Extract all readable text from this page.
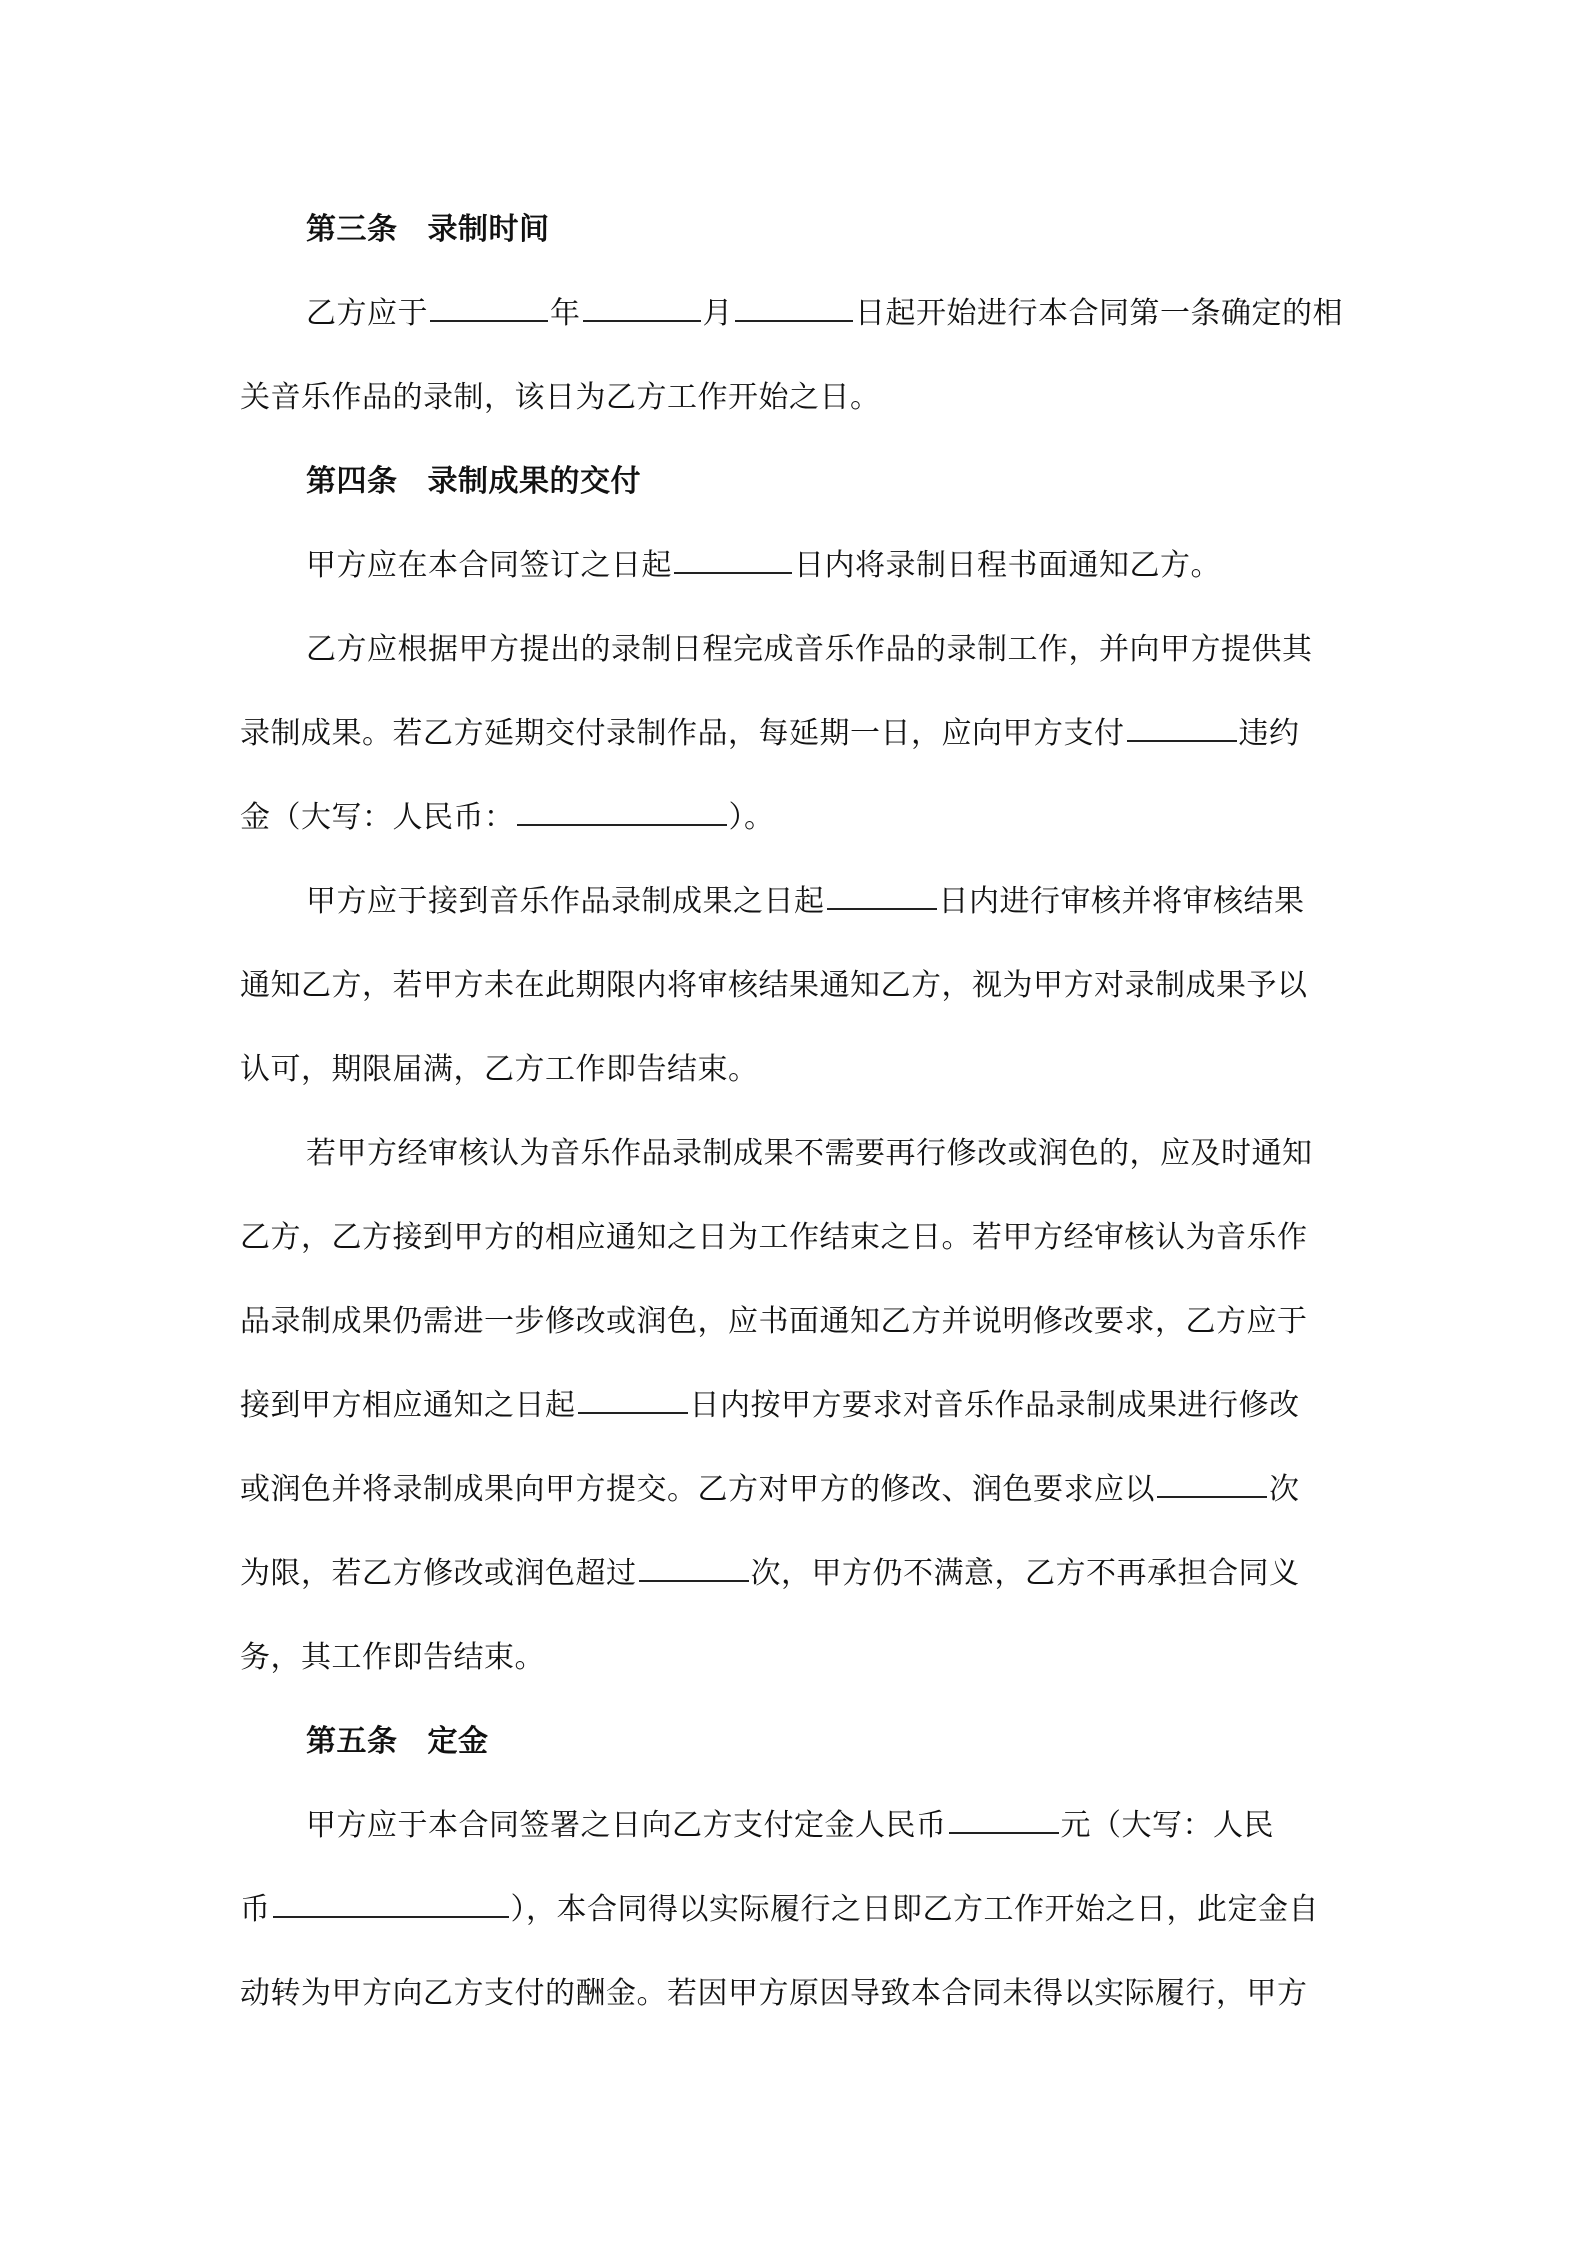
第三条 录制时间
乙方应于	年	月	日起开始进行本合同第一条确定的相
关音乐作品的录制，该日为乙方工作开始之日。
第四条 录制成果的交付
甲方应在本合同签订之日起	日内将录制日程书面通知乙方。
乙方应根据甲方提出的录制日程完成音乐作品的录制工作，并向甲方提供其
录制成果。若乙方延期交付录制作品，每延期一日，应向甲方支付	违约
金（大写：人民币：	）。
甲方应于接到音乐作品录制成果之日起	日内进行审核并将审核结果
通知乙方，若甲方未在此期限内将审核结果通知乙方，视为甲方对录制成果予以
认可，期限届满，乙方工作即告结束。
若甲方经审核认为音乐作品录制成果不需要再行修改或润色的，应及时通知
乙方，乙方接到甲方的相应通知之日为工作结束之日。若甲方经审核认为音乐作
品录制成果仍需进一步修改或润色，应书面通知乙方并说明修改要求，乙方应于
接到甲方相应通知之日起	日内按甲方要求对音乐作品录制成果进行修改
或润色并将录制成果向甲方提交。乙方对甲方的修改、润色要求应以	次
为限，若乙方修改或润色超过	次，甲方仍不满意，乙方不再承担合同义
务，其工作即告结束。
第五条 定金
甲方应于本合同签署之日向乙方支付定金人民币	元（大写：人民
币	），本合同得以实际履行之日即乙方工作开始之日，此定金自
动转为甲方向乙方支付的酬金。若因甲方原因导致本合同未得以实际履行，甲方
